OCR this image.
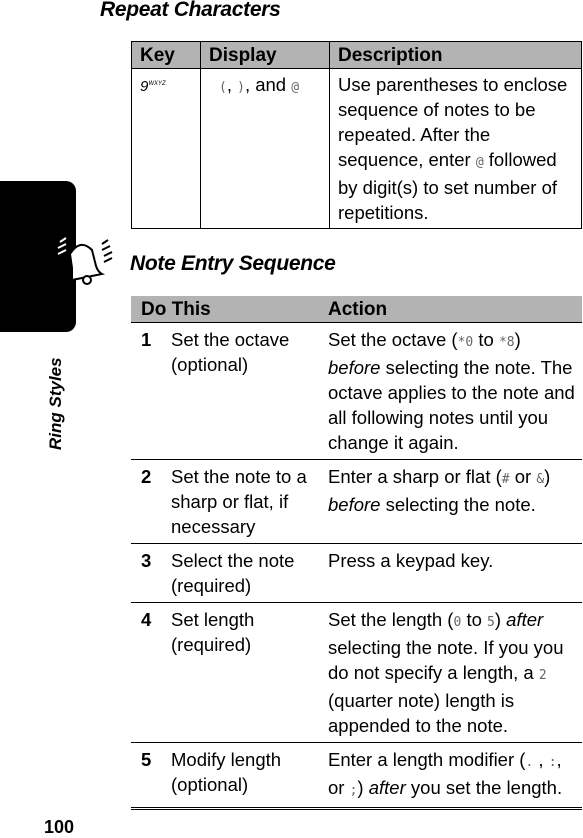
Repeat Characters
Key	Display	Description
$9^{WXYZ}$	(, ), and @	Use parentheses to enclose sequence of notes to be repeated. After the sequence, enter @ followed by digit(s) to set number of repetitions.
Ring Styles
Note Entry Sequence
Do This		Action
1	Set the octave (optional)	Set the octave (*0 to *8) before selecting the note. The octave applies to the note and all following notes until you change it again.
2	Set the note to a sharp or flat, if necessary	Enter a sharp or flat (# or &) before selecting the note.
3	Select the note (required)	Press a keypad key.
4	Set length (required)	Set the length (0 to 5) after selecting the note. If you you do not specify a length, a 2 (quarter note) length is appended to the note.
5	Modify length (optional)	Enter a length modifier (. , :, or ;) after you set the length.
100
